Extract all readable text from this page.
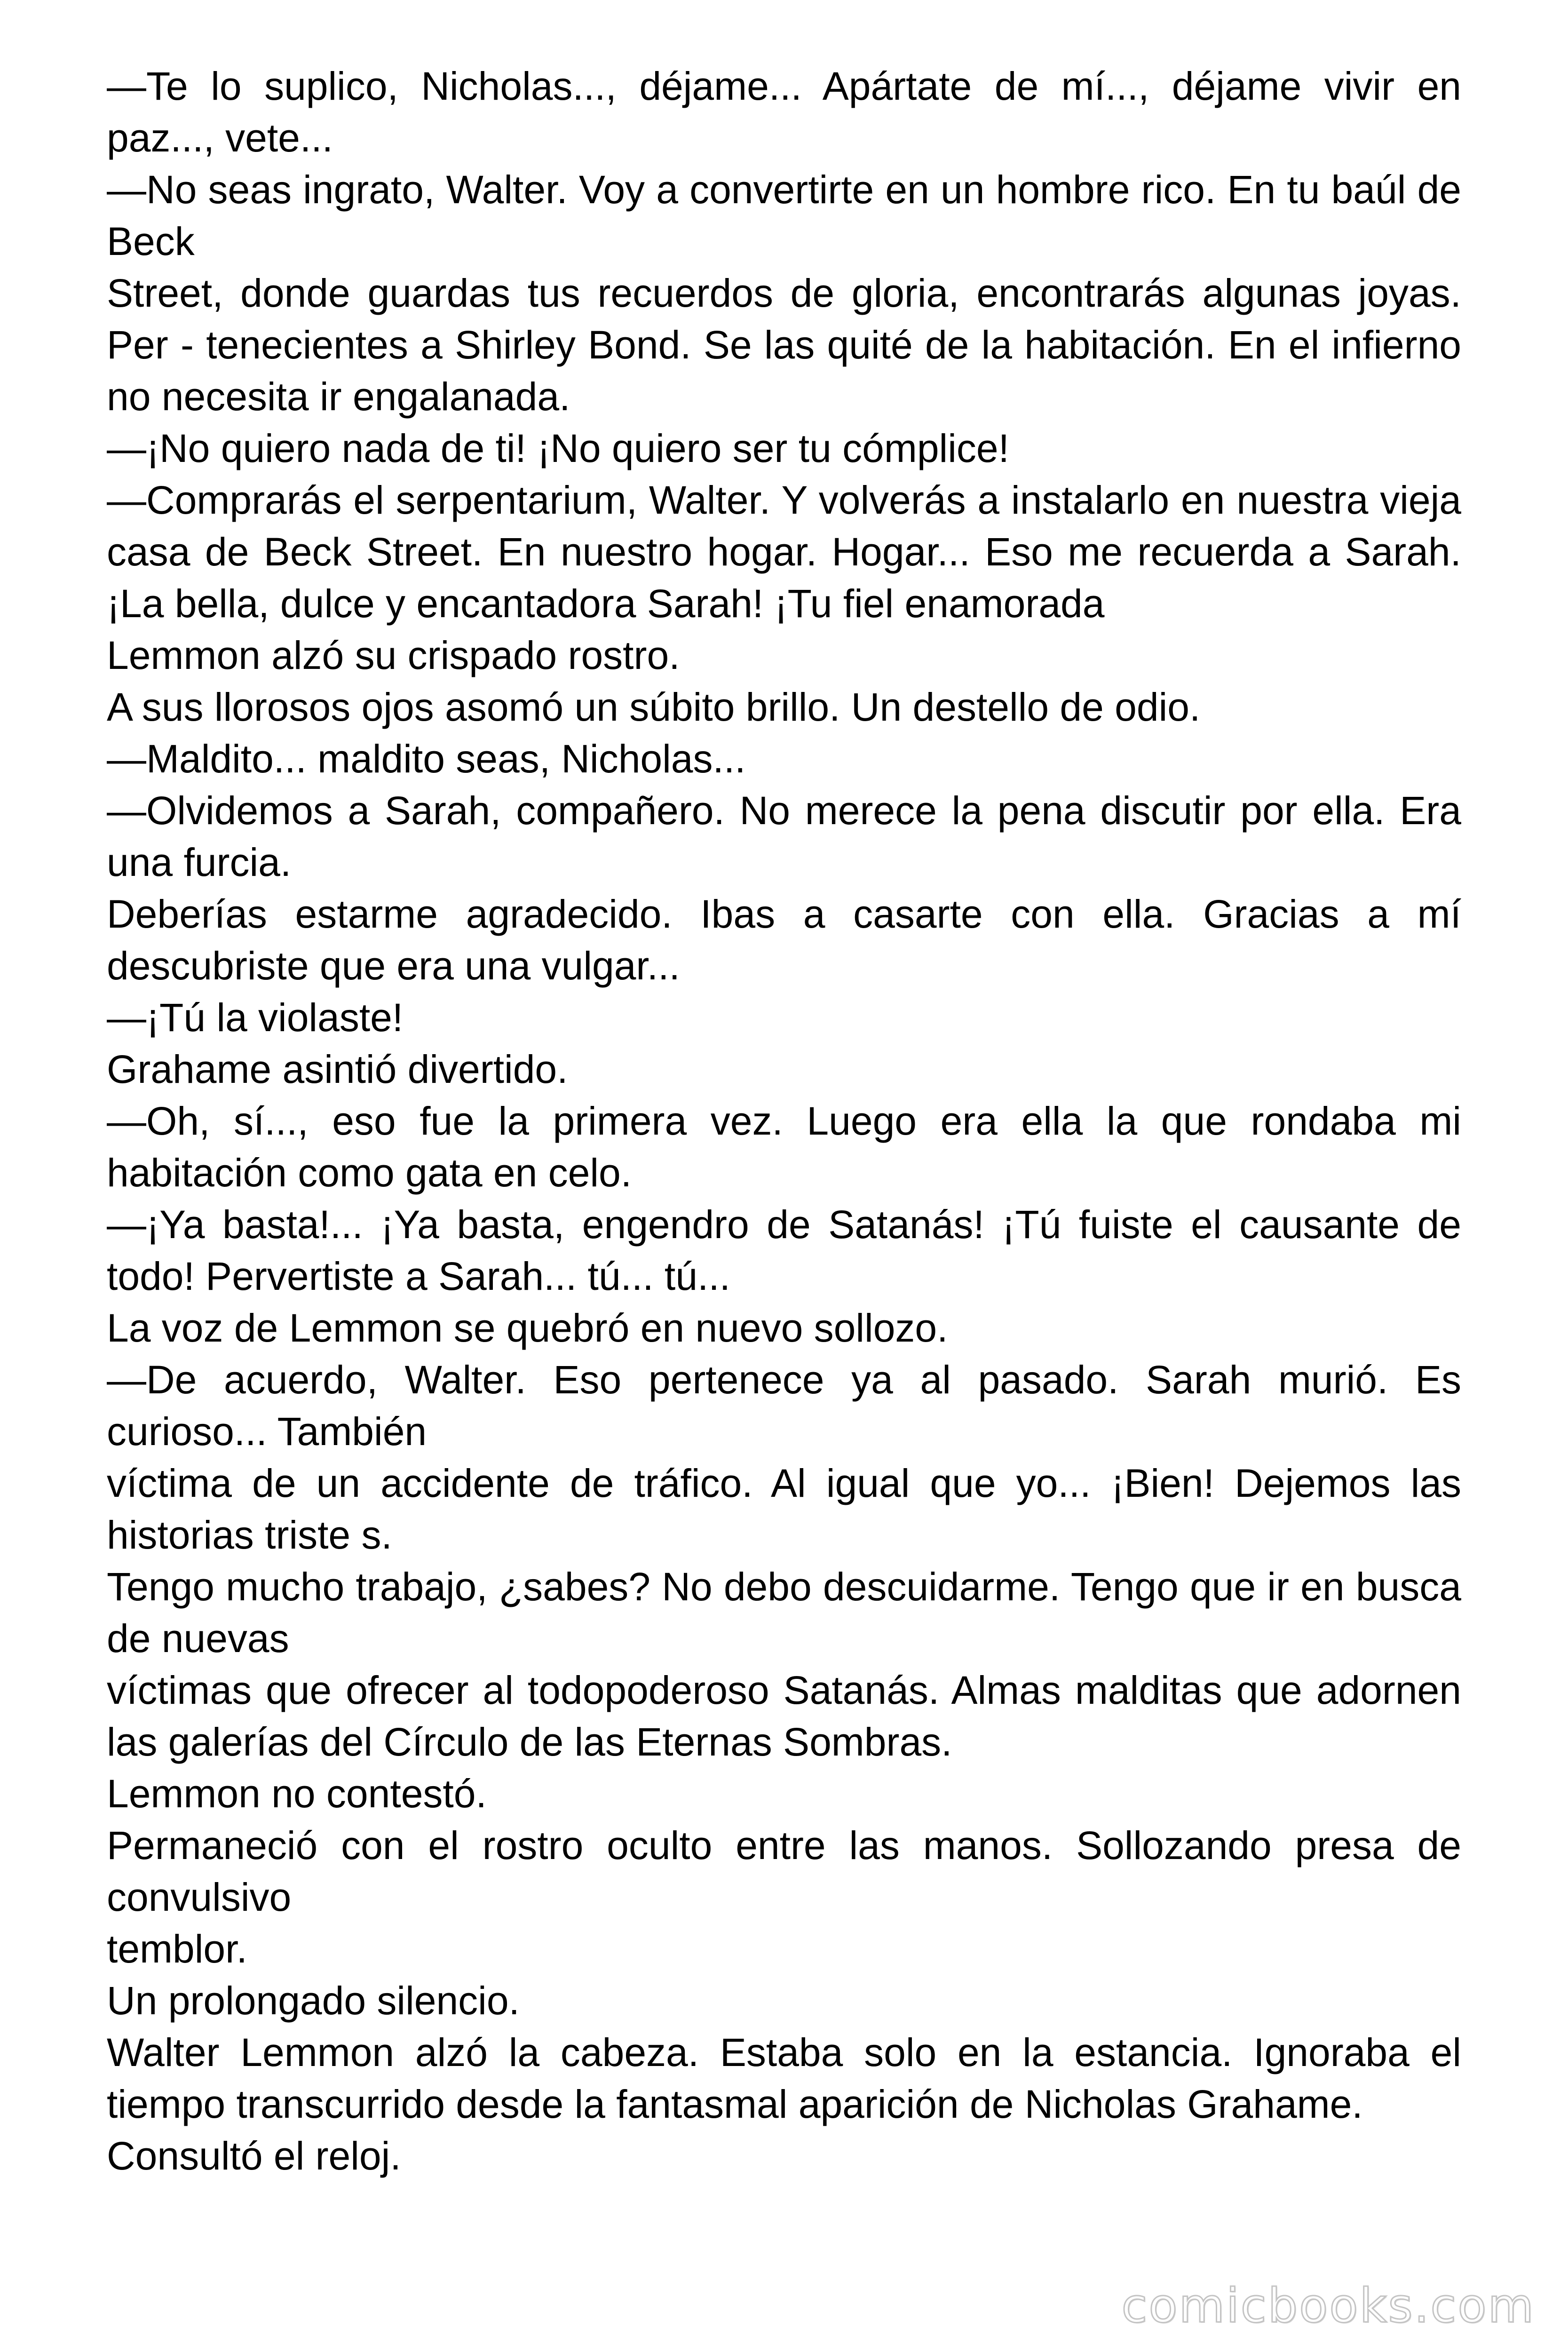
—Te lo suplico, Nicholas..., déjame... Apártate de mí..., déjame vivir en paz..., vete...

—No seas ingrato, Walter. Voy a convertirte en un hombre rico. En tu baúl de Beck

Street, donde guardas tus recuerdos de gloria, encontrarás algunas joyas. Per - tenecientes a Shirley Bond. Se las quité de la habitación. En el infierno no necesita ir engalanada.

—¡No quiero nada de ti! ¡No quiero ser tu cómplice!

—Comprarás el serpentarium, Walter. Y volverás a instalarlo en nuestra vieja casa de Beck Street. En nuestro hogar. Hogar... Eso me recuerda a Sarah. ¡La bella, dulce y encantadora Sarah! ¡Tu fiel enamorada

Lemmon alzó su crispado rostro.

A sus llorosos ojos asomó un súbito brillo. Un destello de odio.

—Maldito... maldito seas, Nicholas...

—Olvidemos a Sarah, compañero. No merece la pena discutir por ella. Era una furcia.

Deberías estarme agradecido. Ibas a casarte con ella. Gracias a mí descubriste que era una vulgar...

—¡Tú la violaste!

Grahame asintió divertido.

—Oh, sí..., eso fue la primera vez. Luego era ella la que rondaba mi habitación como gata en celo.

—¡Ya basta!... ¡Ya basta, engendro de Satanás! ¡Tú fuiste el causante de todo! Pervertiste a Sarah... tú... tú...

La voz de Lemmon se quebró en nuevo sollozo.

—De acuerdo, Walter. Eso pertenece ya al pasado. Sarah murió. Es curioso... También

víctima de un accidente de tráfico. Al igual que yo... ¡Bien! Dejemos las historias triste s.

Tengo mucho trabajo, ¿sabes? No debo descuidarme. Tengo que ir en busca de nuevas

víctimas que ofrecer al todopoderoso Satanás. Almas malditas que adornen las galerías del Círculo de las Eternas Sombras.

Lemmon no contestó.

Permaneció con el rostro oculto entre las manos. Sollozando presa de convulsivo

temblor.

Un prolongado silencio.

Walter Lemmon alzó la cabeza. Estaba solo en la estancia. Ignoraba el tiempo transcurrido desde la fantasmal aparición de Nicholas Grahame.

Consultó el reloj.

comicbooks.com
